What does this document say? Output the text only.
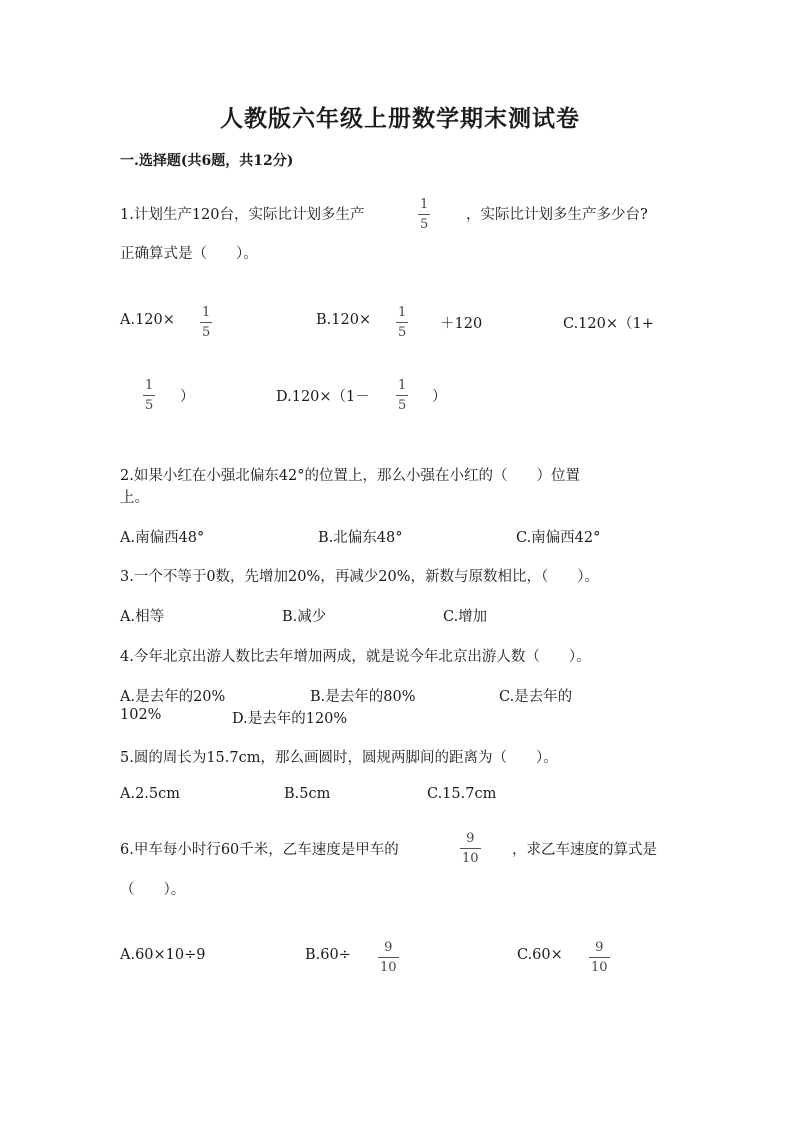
人教版六年级上册数学期末测试卷
一.选择题(共6题，共12分)
1.计划生产120台，实际比计划多生产	$\frac{1}{5}$ ，实际比计划多生产多少台?
正确算式是（　　）。
$A.120\times \frac{1}{5}$	$B.120\times \frac{1}{5} +120$	C.120×（1+
$\frac{1}{5}$ ）	$D.120\times(1- \frac{1}{5}$ ）
2.如果小红在小强北偏东42°的位置上，那么小强在小红的（　　）位置
上。
A.南偏西48°	B.北偏东48°	C.南偏西42°
3.一个不等于0数，先增加20%，再减少20%，新数与原数相比，（　　）。
A.相等	B.减少	C.增加
4.今年北京出游人数比去年增加两成，就是说今年北京出游人数（　　）。
A.是去年的20%	B.是去年的80%	C.是去年的
102%	D.是去年的120%
5.圆的周长为15.7cm，那么画圆时，圆规两脚间的距离为（　　）。
A.2.5cm	B.5cm	C.15.7cm
6.甲车每小时行60千米，乙车速度是甲车的	$\frac{9}{10}$ ，求乙车速度的算式是
（　　）。
A.60×10÷9	$B.60\div \frac{9}{10}$	$C.60\times \frac{9}{10}$
